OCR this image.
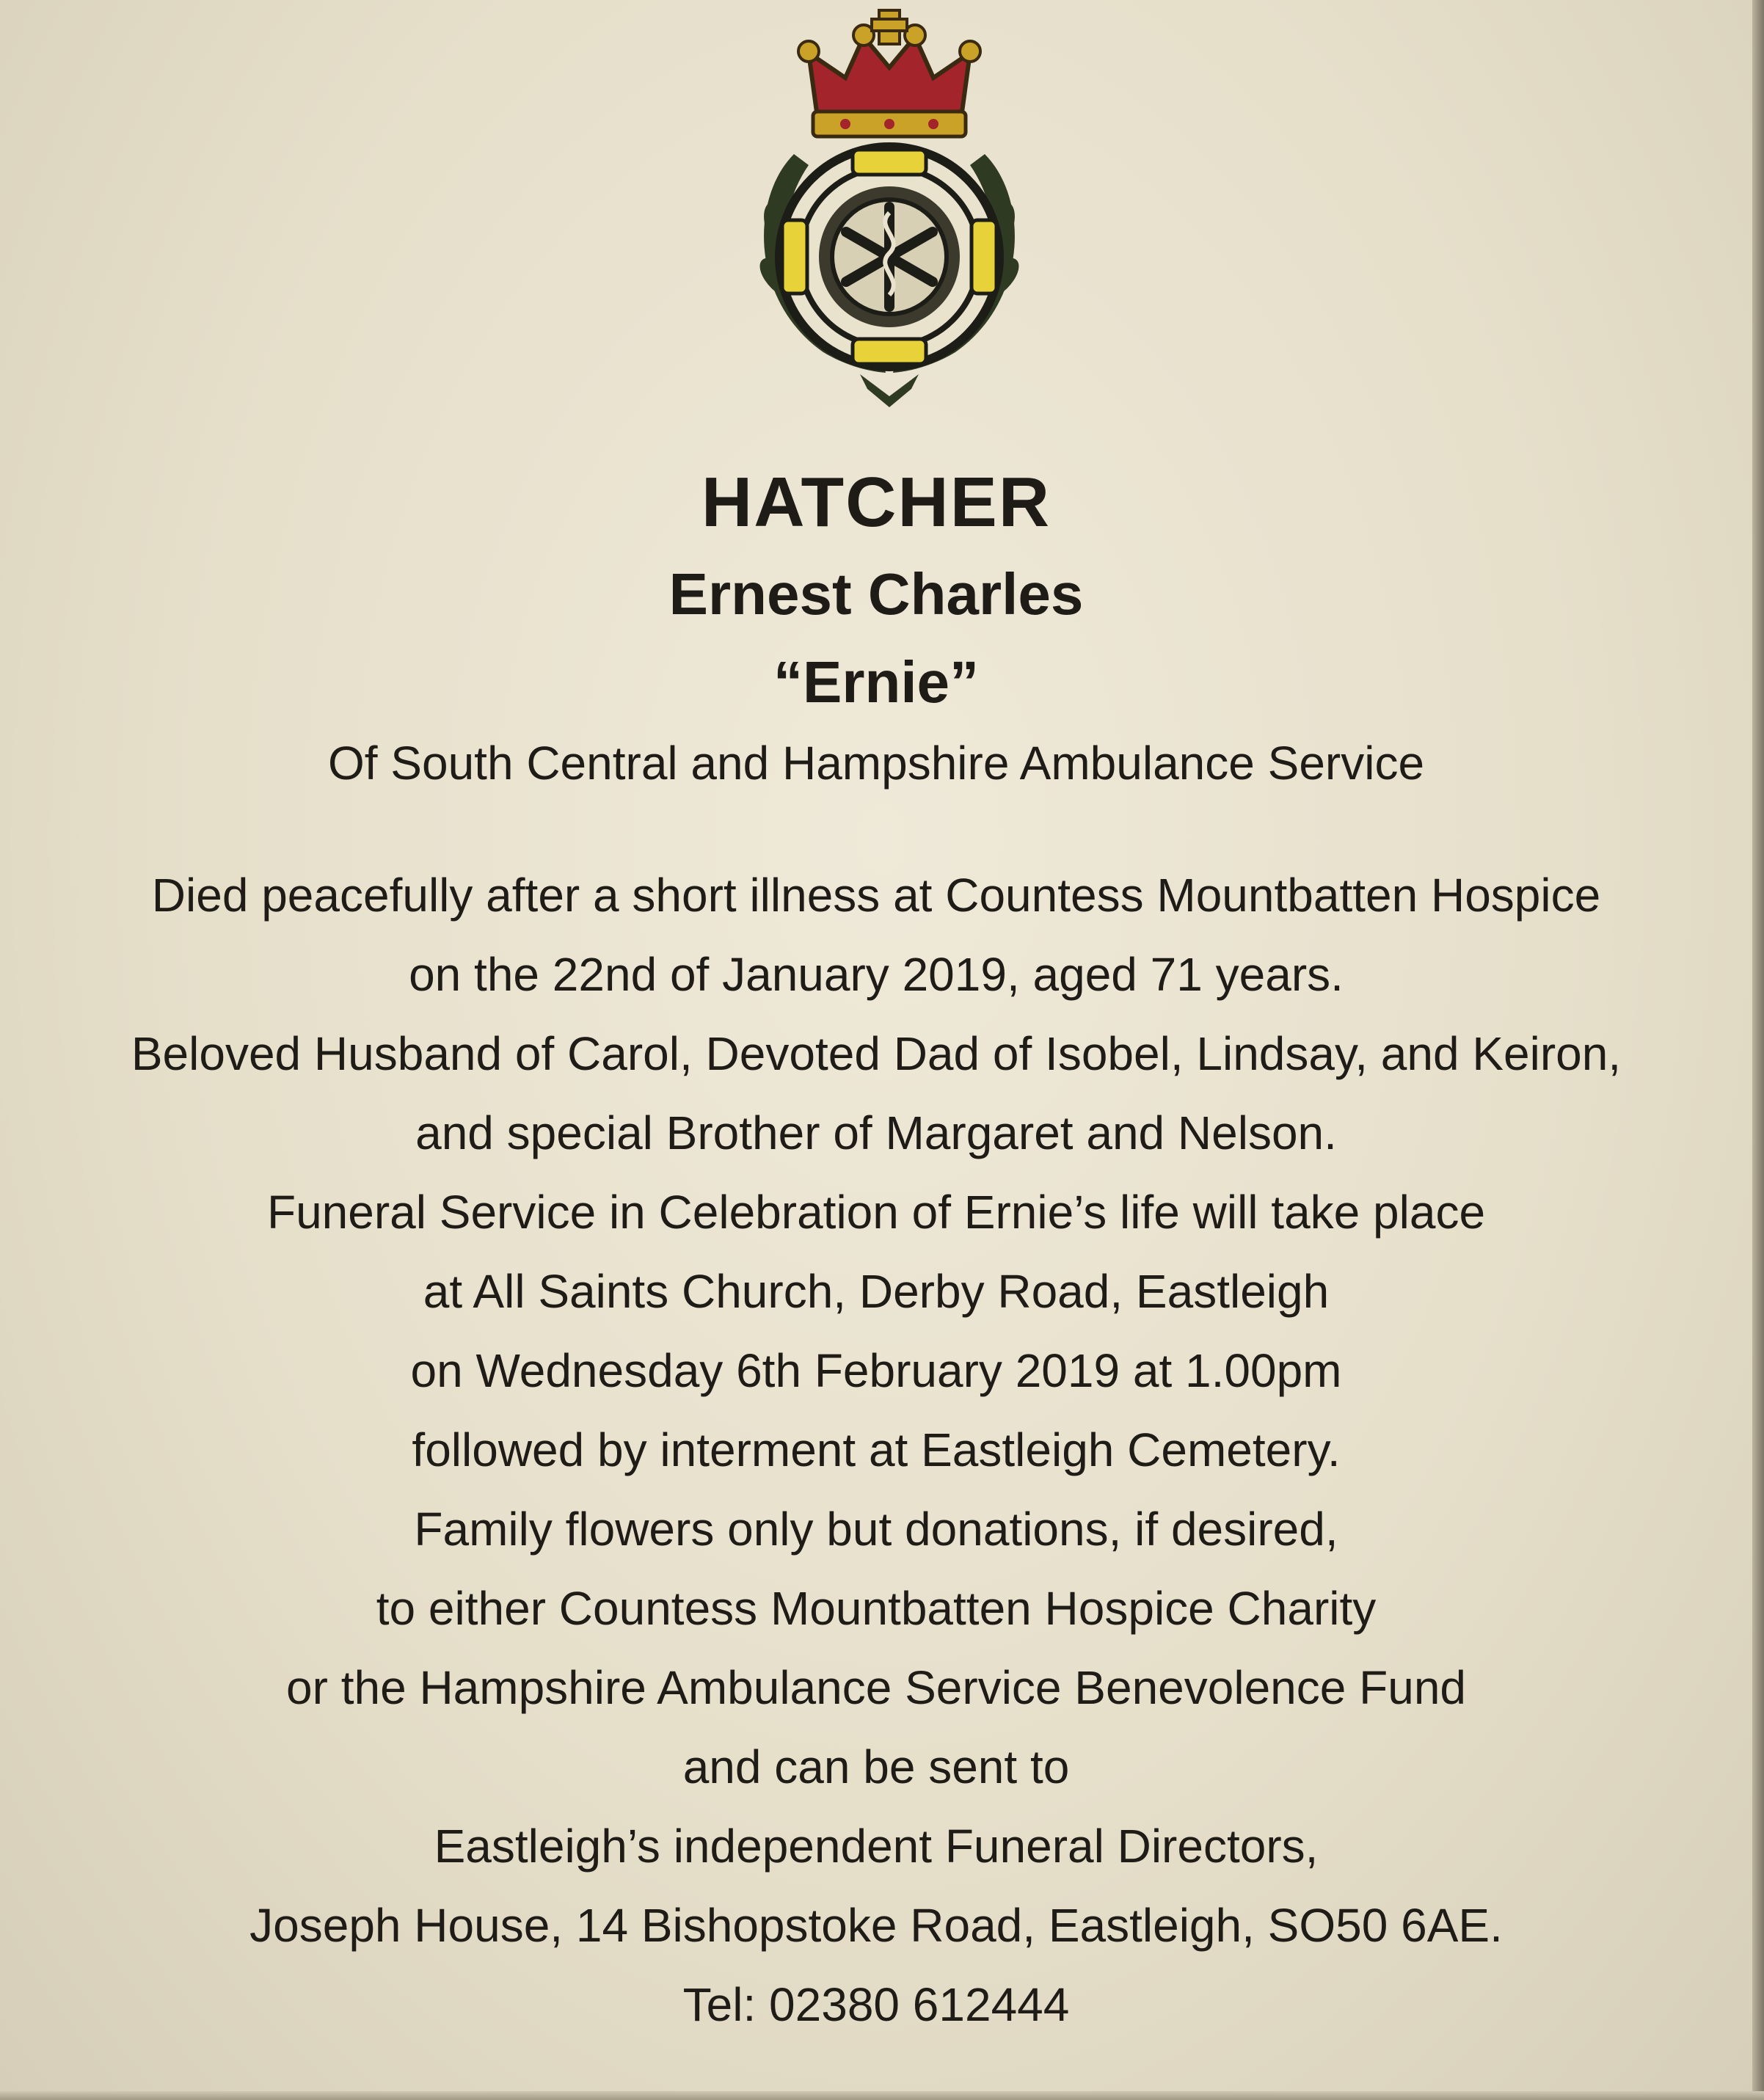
HATCHER
Ernest Charles
“Ernie”
Of South Central and Hampshire Ambulance Service
Died peacefully after a short illness at Countess Mountbatten Hospice
on the 22nd of January 2019, aged 71 years.
Beloved Husband of Carol, Devoted Dad of Isobel, Lindsay, and Keiron,
and special Brother of Margaret and Nelson.
Funeral Service in Celebration of Ernie’s life will take place
at All Saints Church, Derby Road, Eastleigh
on Wednesday 6th February 2019 at 1.00pm
followed by interment at Eastleigh Cemetery.
Family flowers only but donations, if desired,
to either Countess Mountbatten Hospice Charity
or the Hampshire Ambulance Service Benevolence Fund
and can be sent to
Eastleigh’s independent Funeral Directors,
Joseph House, 14 Bishopstoke Road, Eastleigh, SO50 6AE.
Tel: 02380 612444
